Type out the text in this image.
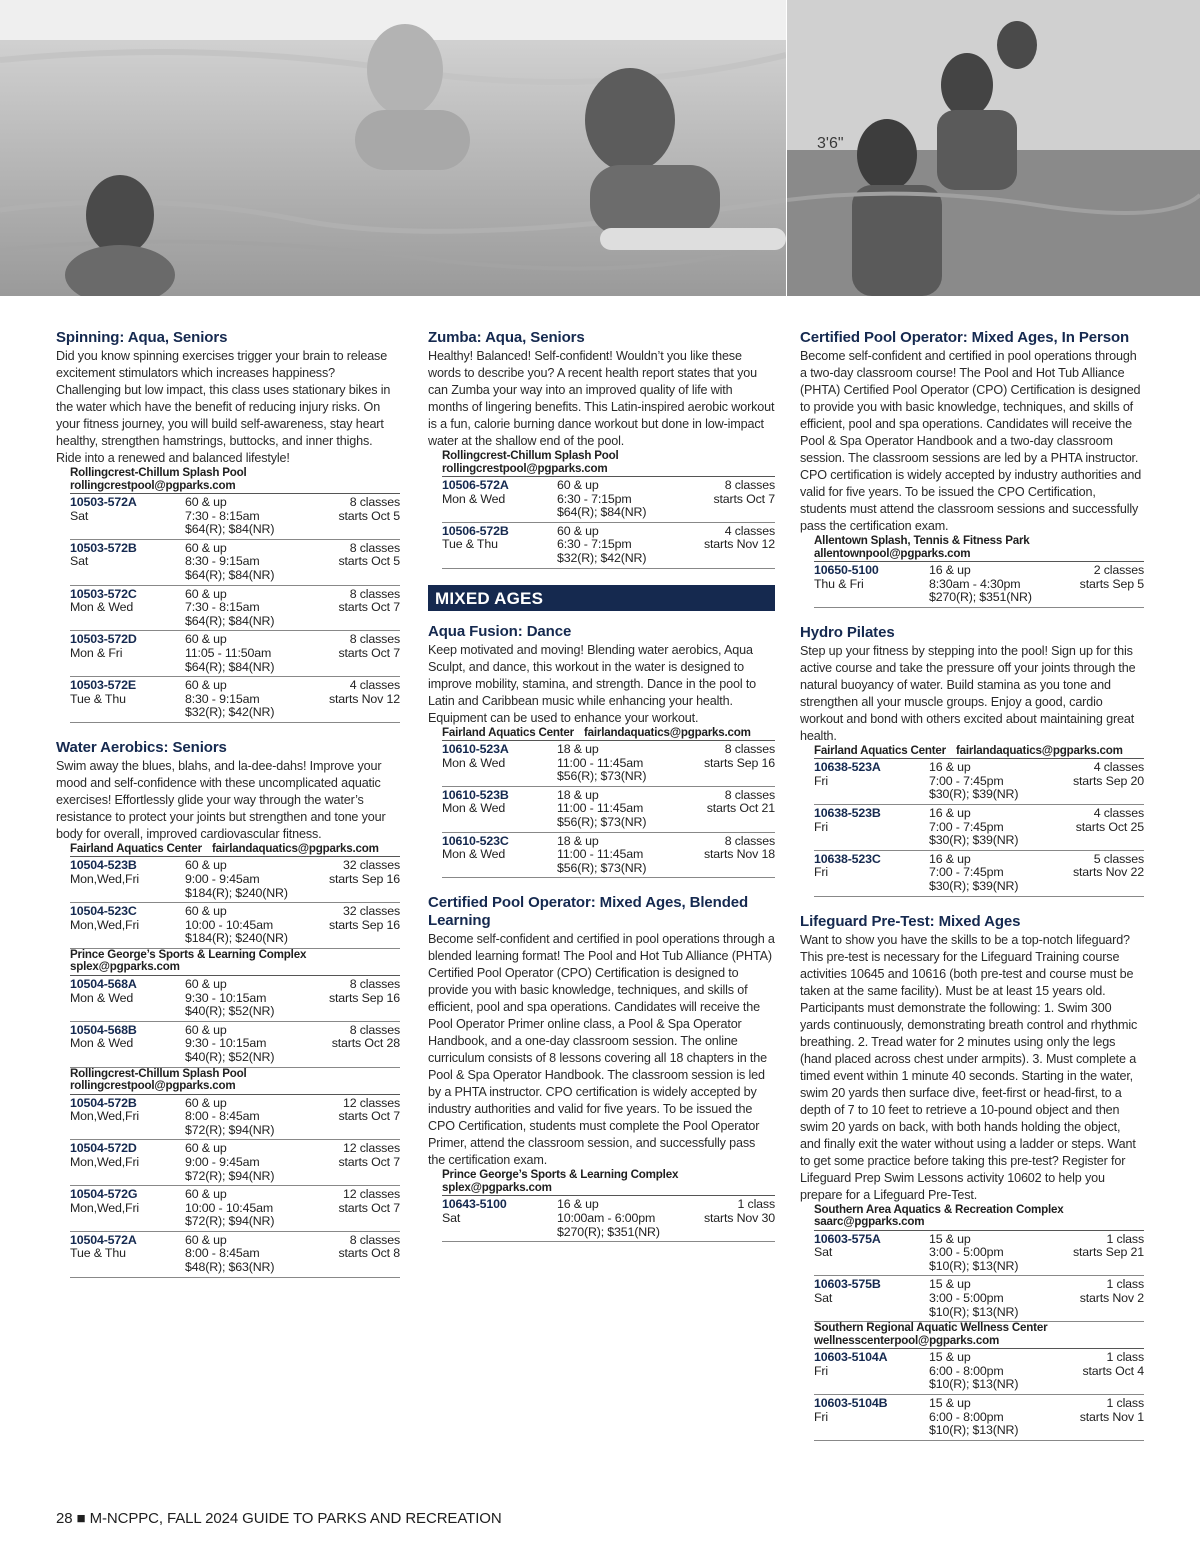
3'6"
Spinning: Aqua, Seniors

Did you know spinning exercises trigger your brain to release excitement stimulators which increases happiness? Challenging but low impact, this class uses stationary bikes in the water which have the benefit of reducing injury risks. On your fitness journey, you will build self-awareness, stay heart healthy, strengthen hamstrings, buttocks, and inner thighs. Ride into a renewed and balanced lifestyle!

Rollingcrest-Chillum Splash Pool
rollingcrestpool@pgparks.com
10503-572A	60 & up	8 classes
Sat	7:30 - 8:15am	starts Oct 5
$64(R); $84(NR)
10503-572B	60 & up	8 classes
Sat	8:30 - 9:15am	starts Oct 5
$64(R); $84(NR)
10503-572C	60 & up	8 classes
Mon & Wed	7:30 - 8:15am	starts Oct 7
$64(R); $84(NR)
10503-572D	60 & up	8 classes
Mon & Fri	11:05 - 11:50am	starts Oct 7
$64(R); $84(NR)
10503-572E	60 & up	4 classes
Tue & Thu	8:30 - 9:15am	starts Nov 12
$32(R); $42(NR)
Water Aerobics: Seniors

Swim away the blues, blahs, and la-dee-dahs! Improve your mood and self-confidence with these uncomplicated aquatic exercises! Effortlessly glide your way through the water’s resistance to protect your joints but strengthen and tone your body for overall, improved cardiovascular fitness.

Fairland Aquatics Center fairlandaquatics@pgparks.com
10504-523B	60 & up	32 classes
Mon,Wed,Fri	9:00 - 9:45am	starts Sep 16
$184(R); $240(NR)
10504-523C	60 & up	32 classes
Mon,Wed,Fri	10:00 - 10:45am	starts Sep 16
$184(R); $240(NR)
Prince George’s Sports & Learning Complex
splex@pgparks.com
10504-568A	60 & up	8 classes
Mon & Wed	9:30 - 10:15am	starts Sep 16
$40(R); $52(NR)
10504-568B	60 & up	8 classes
Mon & Wed	9:30 - 10:15am	starts Oct 28
$40(R); $52(NR)
Rollingcrest-Chillum Splash Pool
rollingcrestpool@pgparks.com
10504-572B	60 & up	12 classes
Mon,Wed,Fri	8:00 - 8:45am	starts Oct 7
$72(R); $94(NR)
10504-572D	60 & up	12 classes
Mon,Wed,Fri	9:00 - 9:45am	starts Oct 7
$72(R); $94(NR)
10504-572G	60 & up	12 classes
Mon,Wed,Fri	10:00 - 10:45am	starts Oct 7
$72(R); $94(NR)
10504-572A	60 & up	8 classes
Tue & Thu	8:00 - 8:45am	starts Oct 8
$48(R); $63(NR)
Zumba: Aqua, Seniors

Healthy! Balanced! Self-confident! Wouldn’t you like these words to describe you? A recent health report states that you can Zumba your way into an improved quality of life with months of lingering benefits. This Latin-inspired aerobic workout is a fun, calorie burning dance workout but done in low-impact water at the shallow end of the pool.

Rollingcrest-Chillum Splash Pool
rollingcrestpool@pgparks.com
10506-572A	60 & up	8 classes
Mon & Wed	6:30 - 7:15pm	starts Oct 7
$64(R); $84(NR)
10506-572B	60 & up	4 classes
Tue & Thu	6:30 - 7:15pm	starts Nov 12
$32(R); $42(NR)
MIXED AGES
Aqua Fusion: Dance

Keep motivated and moving! Blending water aerobics, Aqua Sculpt, and dance, this workout in the water is designed to improve mobility, stamina, and strength. Dance in the pool to Latin and Caribbean music while enhancing your health. Equipment can be used to enhance your workout.

Fairland Aquatics Center fairlandaquatics@pgparks.com
10610-523A	18 & up	8 classes
Mon & Wed	11:00 - 11:45am	starts Sep 16
$56(R); $73(NR)
10610-523B	18 & up	8 classes
Mon & Wed	11:00 - 11:45am	starts Oct 21
$56(R); $73(NR)
10610-523C	18 & up	8 classes
Mon & Wed	11:00 - 11:45am	starts Nov 18
$56(R); $73(NR)
Certified Pool Operator: Mixed Ages, Blended Learning

Become self-confident and certified in pool operations through a blended learning format! The Pool and Hot Tub Alliance (PHTA) Certified Pool Operator (CPO) Certification is designed to provide you with basic knowledge, techniques, and skills of efficient, pool and spa operations. Candidates will receive the Pool Operator Primer online class, a Pool & Spa Operator Handbook, and a one-day classroom session. The online curriculum consists of 8 lessons covering all 18 chapters in the Pool & Spa Operator Handbook. The classroom session is led by a PHTA instructor. CPO certification is widely accepted by industry authorities and valid for five years. To be issued the CPO Certification, students must complete the Pool Operator Primer, attend the classroom session, and successfully pass the certification exam.

Prince George’s Sports & Learning Complex
splex@pgparks.com
10643-5100	16 & up	1 class
Sat	10:00am - 6:00pm	starts Nov 30
$270(R); $351(NR)
Certified Pool Operator: Mixed Ages, In Person

Become self-confident and certified in pool operations through a two-day classroom course! The Pool and Hot Tub Alliance (PHTA) Certified Pool Operator (CPO) Certification is designed to provide you with basic knowledge, techniques, and skills of efficient, pool and spa operations. Candidates will receive the Pool & Spa Operator Handbook and a two-day classroom session. The classroom sessions are led by a PHTA instructor. CPO certification is widely accepted by industry authorities and valid for five years. To be issued the CPO Certification, students must attend the classroom sessions and successfully pass the certification exam.

Allentown Splash, Tennis & Fitness Park
allentownpool@pgparks.com
10650-5100	16 & up	2 classes
Thu & Fri	8:30am - 4:30pm	starts Sep 5
$270(R); $351(NR)
Hydro Pilates

Step up your fitness by stepping into the pool! Sign up for this active course and take the pressure off your joints through the natural buoyancy of water. Build stamina as you tone and strengthen all your muscle groups. Enjoy a good, cardio workout and bond with others excited about maintaining great health.

Fairland Aquatics Center fairlandaquatics@pgparks.com
10638-523A	16 & up	4 classes
Fri	7:00 - 7:45pm	starts Sep 20
$30(R); $39(NR)
10638-523B	16 & up	4 classes
Fri	7:00 - 7:45pm	starts Oct 25
$30(R); $39(NR)
10638-523C	16 & up	5 classes
Fri	7:00 - 7:45pm	starts Nov 22
$30(R); $39(NR)
Lifeguard Pre-Test: Mixed Ages

Want to show you have the skills to be a top-notch lifeguard? This pre-test is necessary for the Lifeguard Training course activities 10645 and 10616 (both pre-test and course must be taken at the same facility). Must be at least 15 years old. Participants must demonstrate the following: 1. Swim 300 yards continuously, demonstrating breath control and rhythmic breathing. 2. Tread water for 2 minutes using only the legs (hand placed across chest under armpits). 3. Must complete a timed event within 1 minute 40 seconds. Starting in the water, swim 20 yards then surface dive, feet-first or head-first, to a depth of 7 to 10 feet to retrieve a 10-pound object and then swim 20 yards on back, with both hands holding the object, and finally exit the water without using a ladder or steps. Want to get some practice before taking this pre-test? Register for Lifeguard Prep Swim Lessons activity 10602 to help you prepare for a Lifeguard Pre-Test.

Southern Area Aquatics & Recreation Complex
saarc@pgparks.com
10603-575A	15 & up	1 class
Sat	3:00 - 5:00pm	starts Sep 21
$10(R); $13(NR)
10603-575B	15 & up	1 class
Sat	3:00 - 5:00pm	starts Nov 2
$10(R); $13(NR)
Southern Regional Aquatic Wellness Center
wellnesscenterpool@pgparks.com
10603-5104A	15 & up	1 class
Fri	6:00 - 8:00pm	starts Oct 4
$10(R); $13(NR)
10603-5104B	15 & up	1 class
Fri	6:00 - 8:00pm	starts Nov 1
$10(R); $13(NR)
28 ■ M-NCPPC, FALL 2024 GUIDE TO PARKS AND RECREATION
